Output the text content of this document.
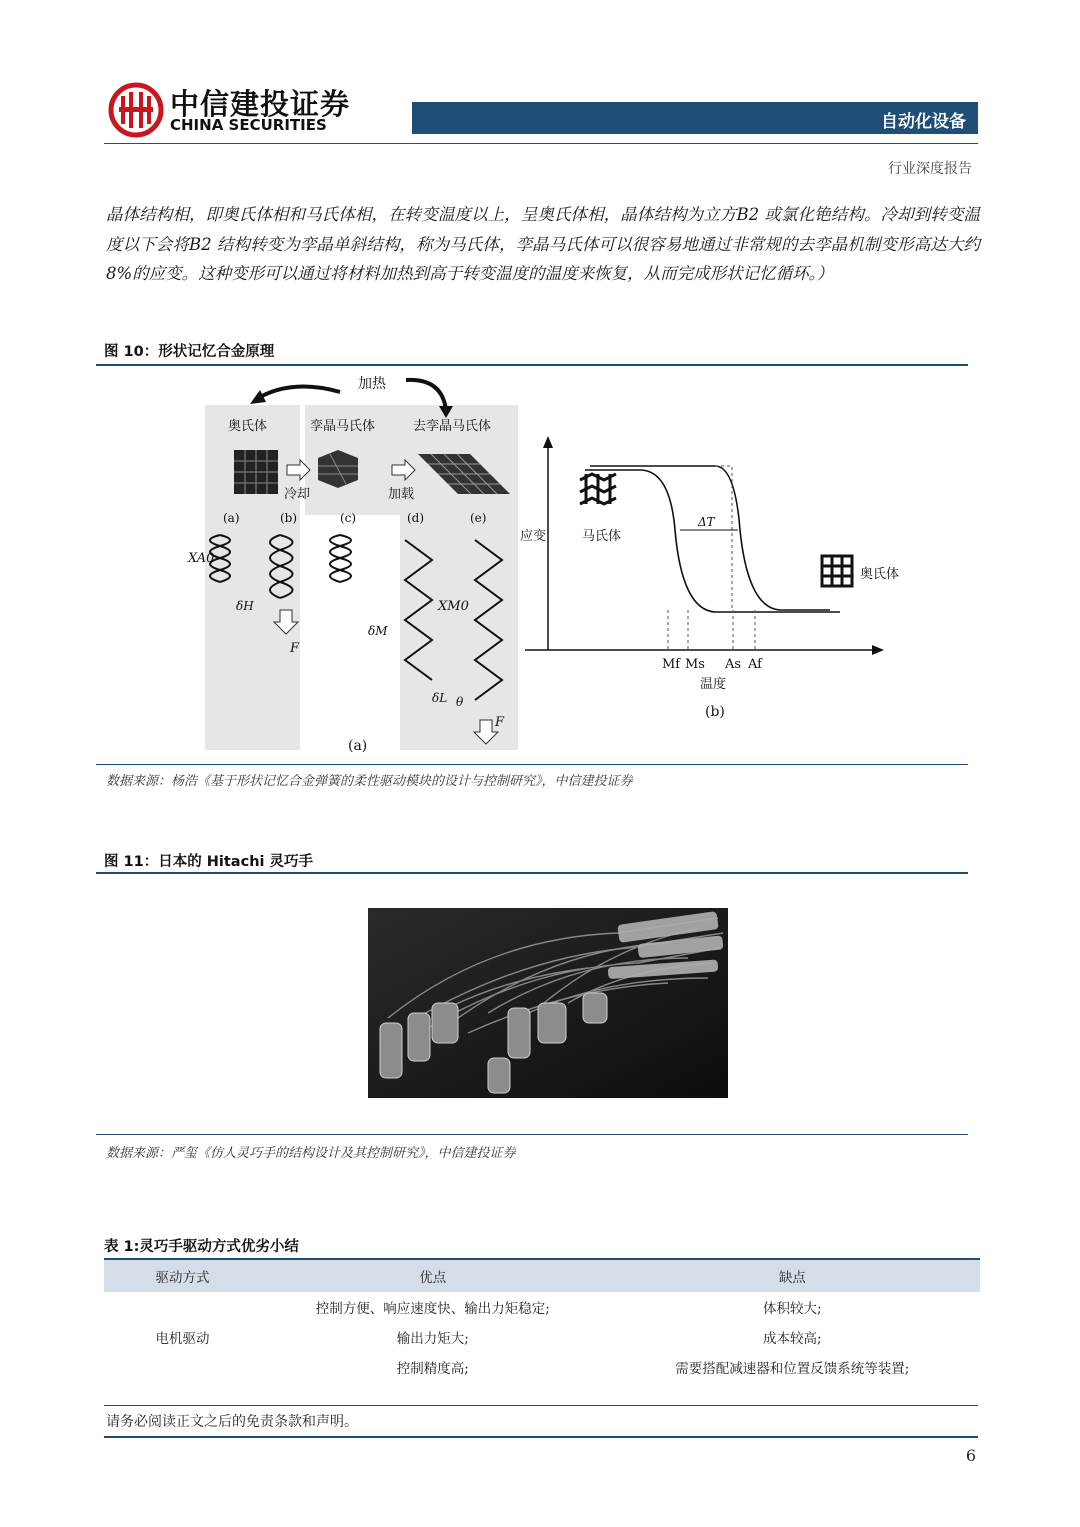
中信建投证券
CHINA SECURITIES	自动化设备
行业深度报告
晶体结构相，即奥氏体相和马氏体相，在转变温度以上，呈奥氏体相，晶体结构为立方B2 或氯化铯结构。冷却到转变温度以下会将B2 结构转变为孪晶单斜结构，称为马氏体，孪晶马氏体可以很容易地通过非常规的去孪晶机制变形高达大约8%的应变。这种变形可以通过将材料加热到高于转变温度的温度来恢复，从而完成形状记忆循环。）
图 10：形状记忆合金原理
加热
奥氏体	孪晶马氏体	去孪晶马氏体
冷却	加载
(a)	(b)	(c)	(d)	(e)
XA0
δH
δM
XM0
θ
δL
F
F
(a)
应变
ΔT
马氏体
奥氏体
Mf Ms As Af
温度
(b)
数据来源：杨浩《基于形状记忆合金弹簧的柔性驱动模块的设计与控制研究》，中信建投证券
图 11：日本的 Hitachi 灵巧手
数据来源：严玺《仿人灵巧手的结构设计及其控制研究》，中信建投证券
表 1:灵巧手驱动方式优劣小结
驱动方式	优点	缺点
电机驱动	控制方便、响应速度快、输出力矩稳定;	体积较大;
	输出力矩大;	成本较高;
	控制精度高;	需要搭配减速器和位置反馈系统等装置;
请务必阅读正文之后的免责条款和声明。
6
